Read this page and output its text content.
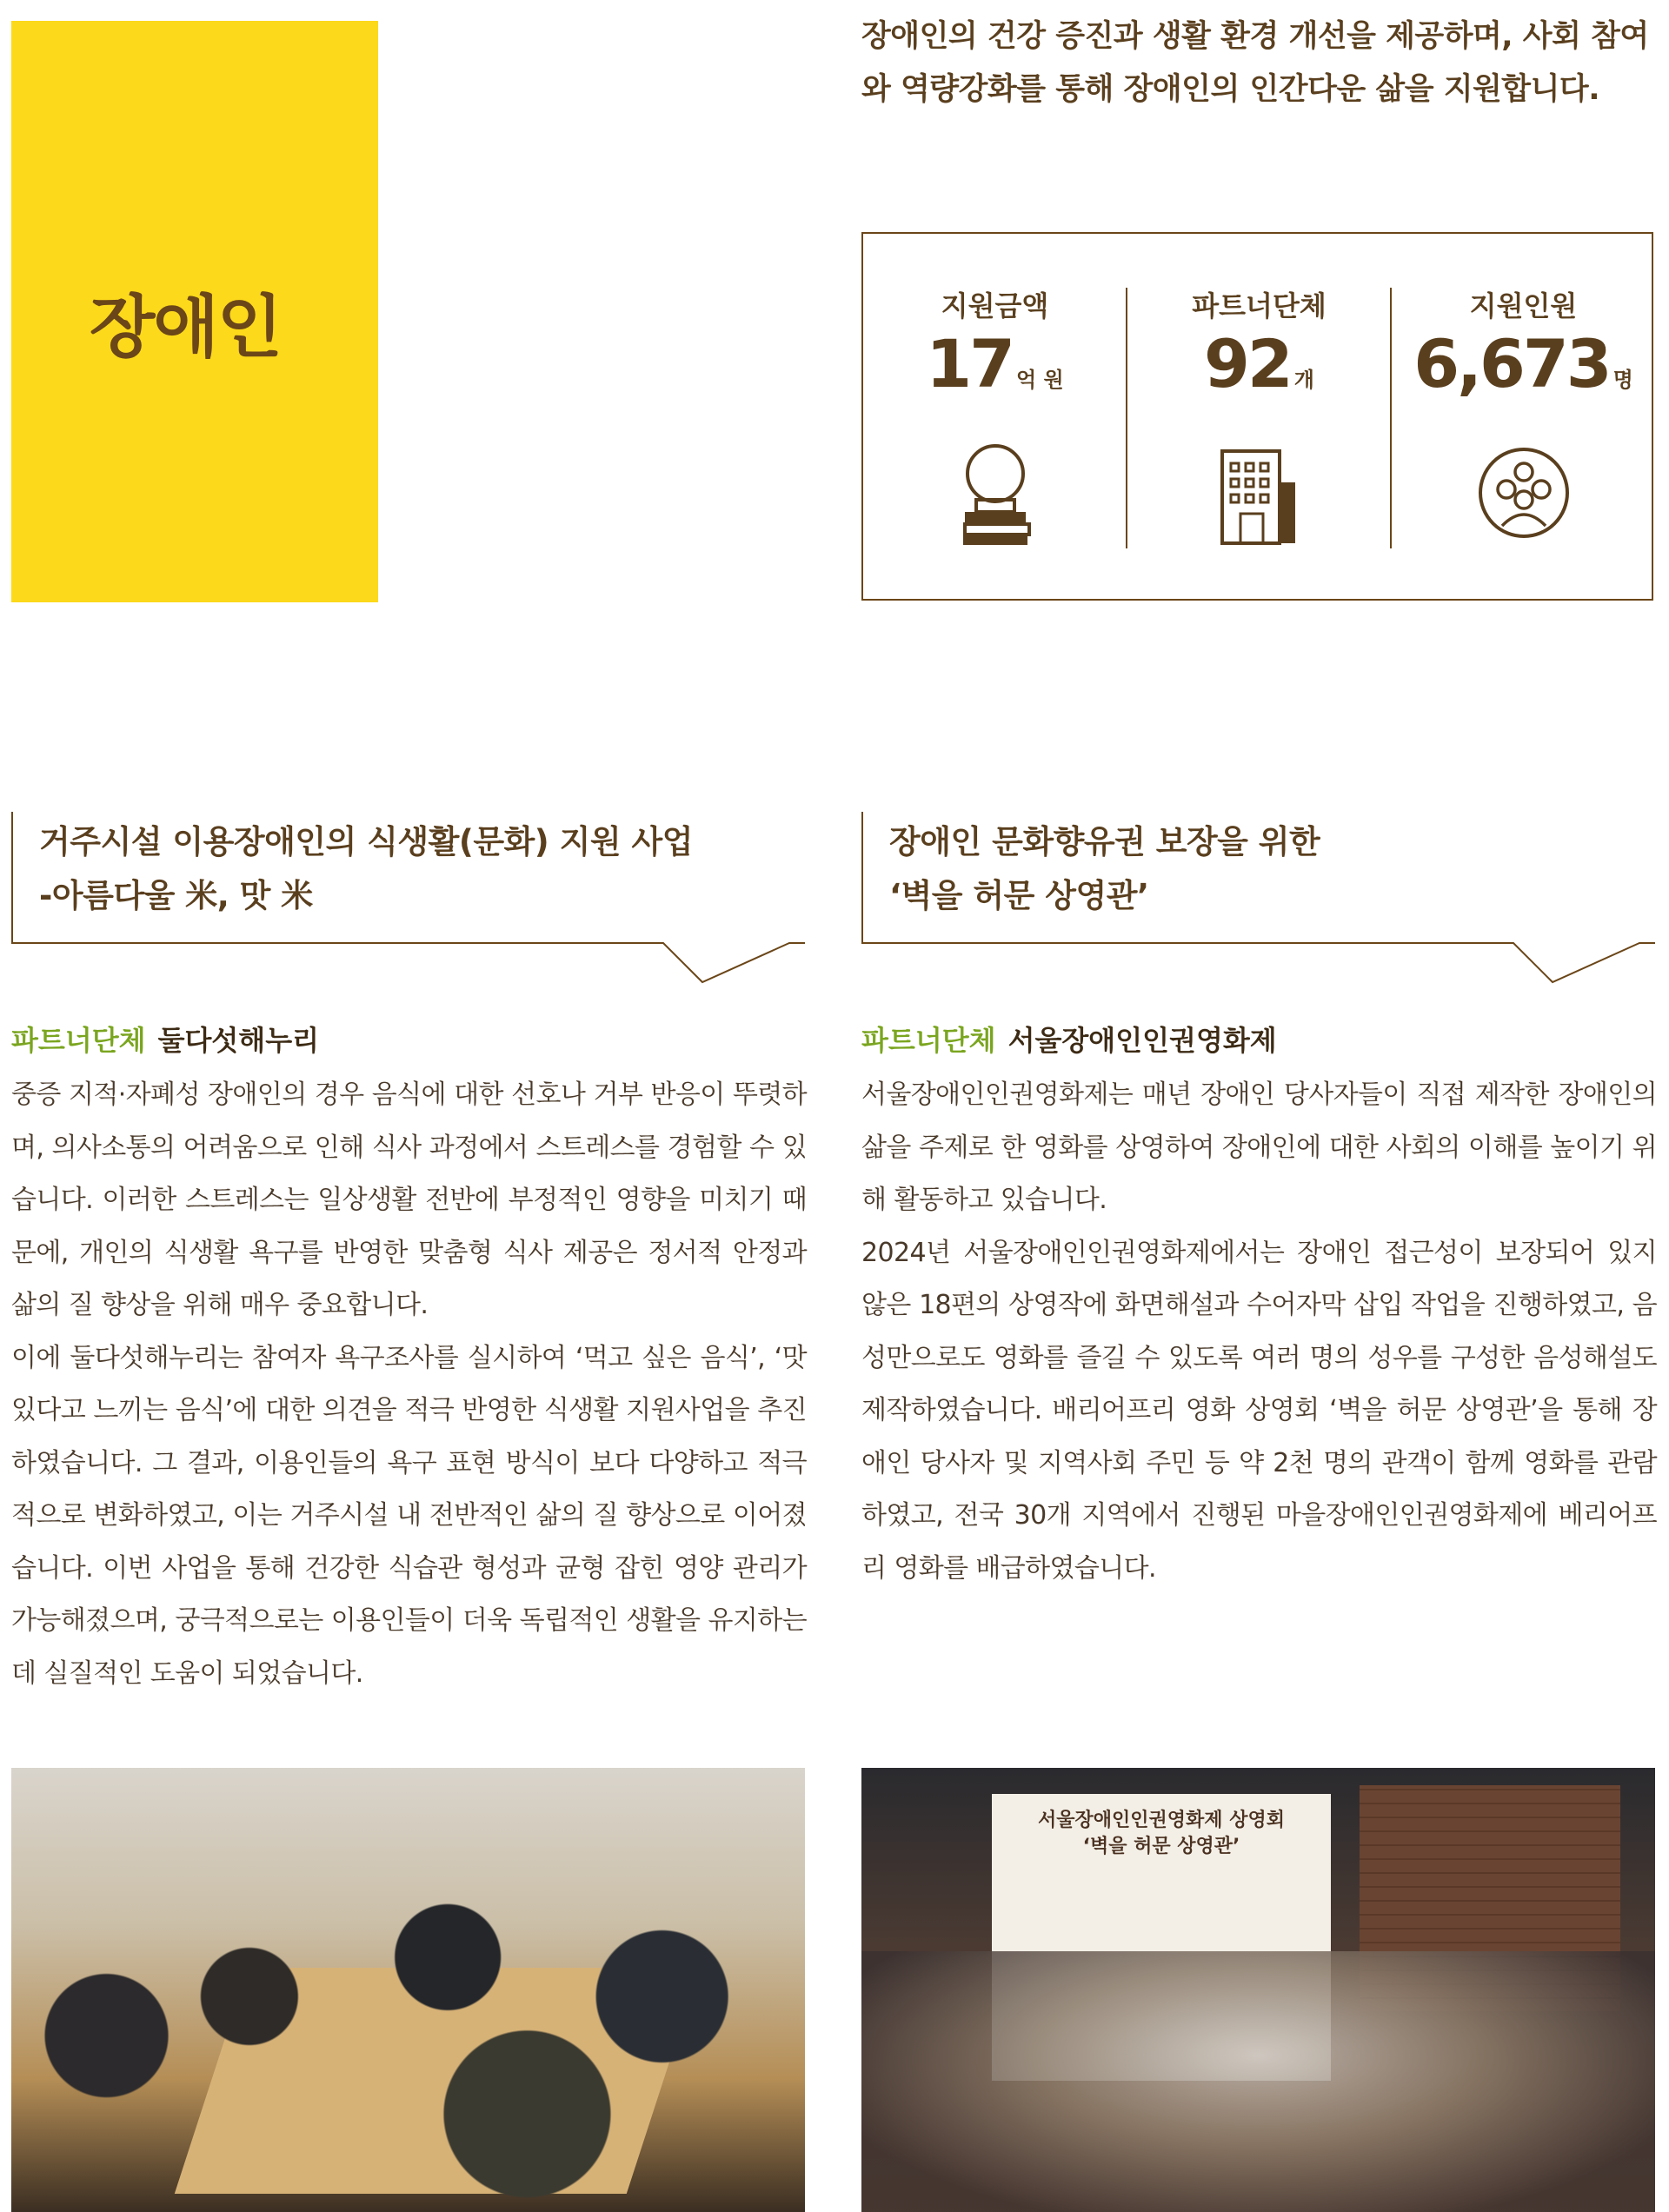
장애인
장애인의 건강 증진과 생활 환경 개선을 제공하며, 사회 참여와 역량강화를 통해 장애인의 인간다운 삶을 지원합니다.
지원금액
17 억 원
파트너단체
92 개
지원인원
6,673 명
거주시설 이용장애인의 식생활(문화) 지원 사업
-아름다울 米, 맛 米
파트너단체 둘다섯해누리

중증 지적·자폐성 장애인의 경우 음식에 대한 선호나 거부 반응이 뚜렷하며, 의사소통의 어려움으로 인해 식사 과정에서 스트레스를 경험할 수 있습니다. 이러한 스트레스는 일상생활 전반에 부정적인 영향을 미치기 때문에, 개인의 식생활 욕구를 반영한 맞춤형 식사 제공은 정서적 안정과 삶의 질 향상을 위해 매우 중요합니다.

이에 둘다섯해누리는 참여자 욕구조사를 실시하여 ‘먹고 싶은 음식’, ‘맛있다고 느끼는 음식’에 대한 의견을 적극 반영한 식생활 지원사업을 추진하였습니다. 그 결과, 이용인들의 욕구 표현 방식이 보다 다양하고 적극적으로 변화하였고, 이는 거주시설 내 전반적인 삶의 질 향상으로 이어졌습니다. 이번 사업을 통해 건강한 식습관 형성과 균형 잡힌 영양 관리가 가능해졌으며, 궁극적으로는 이용인들이 더욱 독립적인 생활을 유지하는 데 실질적인 도움이 되었습니다.

장애인 문화향유권 보장을 위한
‘벽을 허문 상영관’
파트너단체 서울장애인인권영화제

서울장애인인권영화제는 매년 장애인 당사자들이 직접 제작한 장애인의 삶을 주제로 한 영화를 상영하여 장애인에 대한 사회의 이해를 높이기 위해 활동하고 있습니다.

2024년 서울장애인인권영화제에서는 장애인 접근성이 보장되어 있지 않은 18편의 상영작에 화면해설과 수어자막 삽입 작업을 진행하였고, 음성만으로도 영화를 즐길 수 있도록 여러 명의 성우를 구성한 음성해설도 제작하였습니다. 배리어프리 영화 상영회 ‘벽을 허문 상영관’을 통해 장애인 당사자 및 지역사회 주민 등 약 2천 명의 관객이 함께 영화를 관람하였고, 전국 30개 지역에서 진행된 마을장애인인권영화제에 베리어프리 영화를 배급하였습니다.

서울장애인인권영화제 상영회
‘벽을 허문 상영관’
